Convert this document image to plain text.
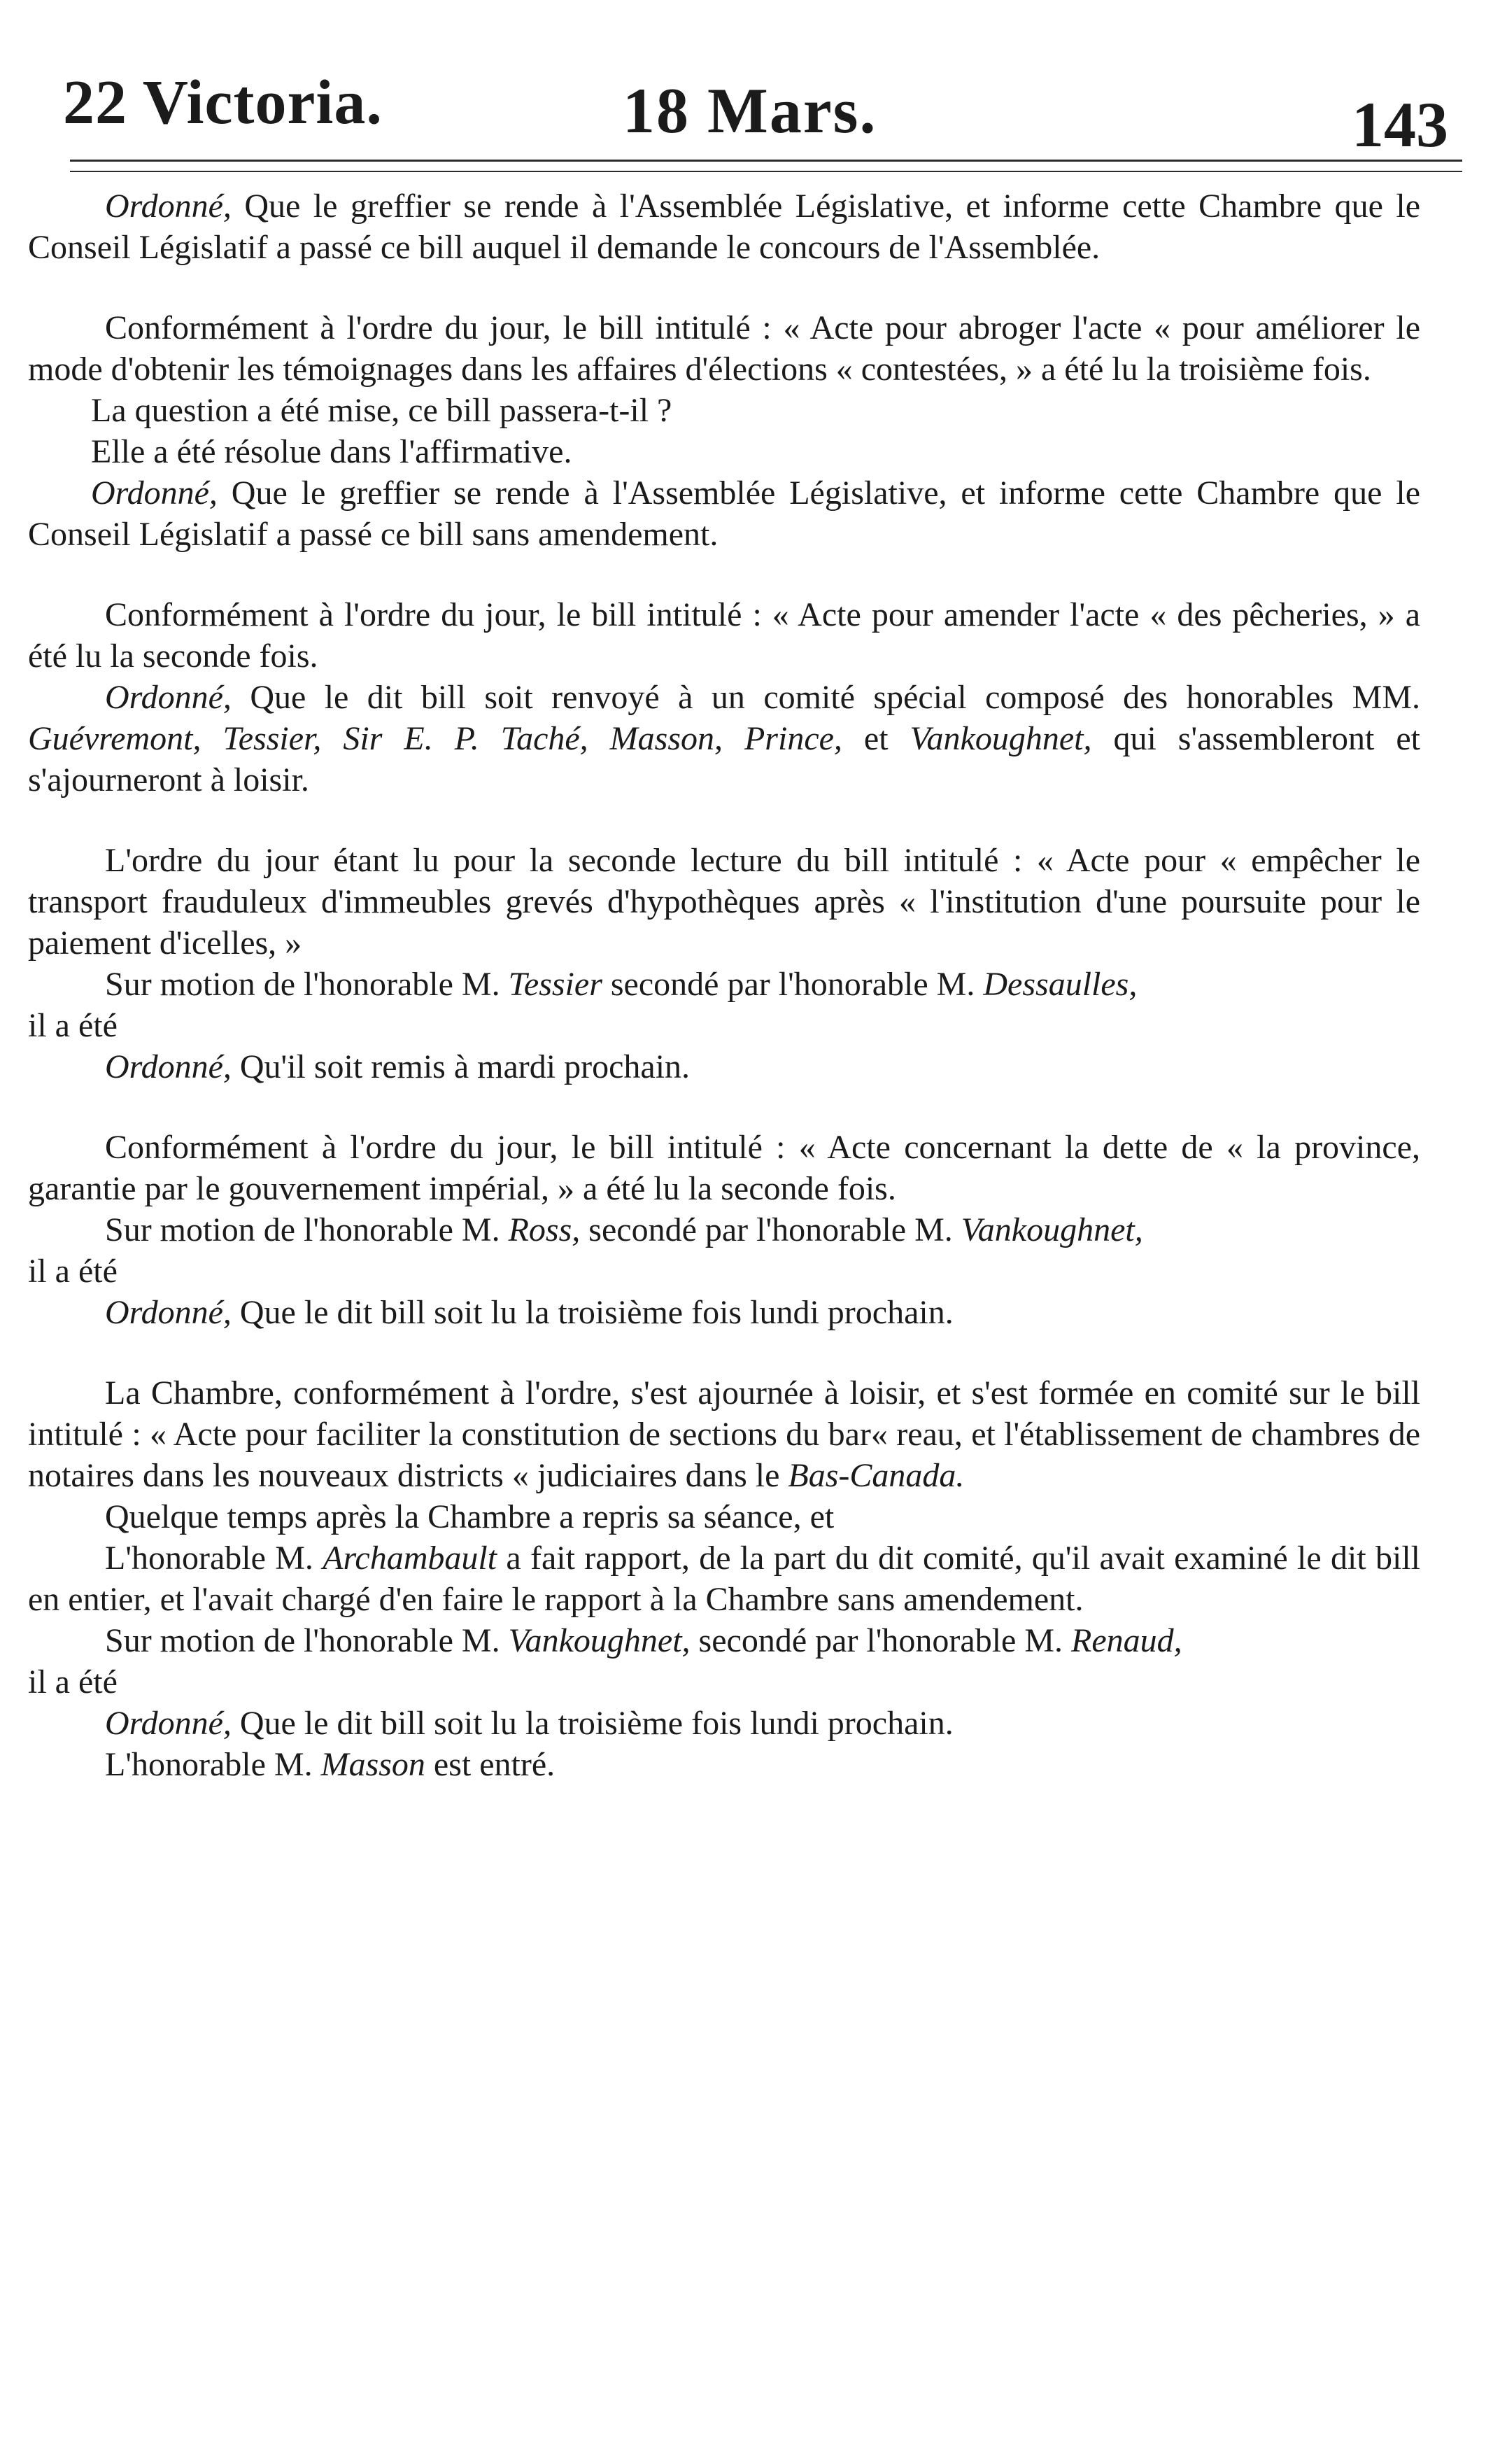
22 Victoria.	18 Mars.	143

Ordonné, Que le greffier se rende à l'Assemblée Législative, et informe cette Chambre que le Conseil Législatif a passé ce bill auquel il demande le concours de l'Assemblée.

Conformément à l'ordre du jour, le bill intitulé : « Acte pour abroger l'acte « pour améliorer le mode d'obtenir les témoignages dans les affaires d'élections « contestées, » a été lu la troisième fois.

La question a été mise, ce bill passera-t-il ?

Elle a été résolue dans l'affirmative.

Ordonné, Que le greffier se rende à l'Assemblée Législative, et informe cette Chambre que le Conseil Législatif a passé ce bill sans amendement.

Conformément à l'ordre du jour, le bill intitulé : « Acte pour amender l'acte « des pêcheries, » a été lu la seconde fois.

Ordonné, Que le dit bill soit renvoyé à un comité spécial composé des honorables MM. Guévremont, Tessier, Sir E. P. Taché, Masson, Prince, et Vankoughnet, qui s'assembleront et s'ajourneront à loisir.

L'ordre du jour étant lu pour la seconde lecture du bill intitulé : « Acte pour « empêcher le transport frauduleux d'immeubles grevés d'hypothèques après « l'institution d'une poursuite pour le paiement d'icelles, »

Sur motion de l'honorable M. Tessier secondé par l'honorable M. Dessaulles,

il a été

Ordonné, Qu'il soit remis à mardi prochain.

Conformément à l'ordre du jour, le bill intitulé : « Acte concernant la dette de « la province, garantie par le gouvernement impérial, » a été lu la seconde fois.

Sur motion de l'honorable M. Ross, secondé par l'honorable M. Vankoughnet,

il a été

Ordonné, Que le dit bill soit lu la troisième fois lundi prochain.

La Chambre, conformément à l'ordre, s'est ajournée à loisir, et s'est formée en comité sur le bill intitulé : « Acte pour faciliter la constitution de sections du bar« reau, et l'établissement de chambres de notaires dans les nouveaux districts « judiciaires dans le Bas-Canada.

Quelque temps après la Chambre a repris sa séance, et

L'honorable M. Archambault a fait rapport, de la part du dit comité, qu'il avait examiné le dit bill en entier, et l'avait chargé d'en faire le rapport à la Chambre sans amendement.

Sur motion de l'honorable M. Vankoughnet, secondé par l'honorable M. Renaud,

il a été

Ordonné, Que le dit bill soit lu la troisième fois lundi prochain.

L'honorable M. Masson est entré.
